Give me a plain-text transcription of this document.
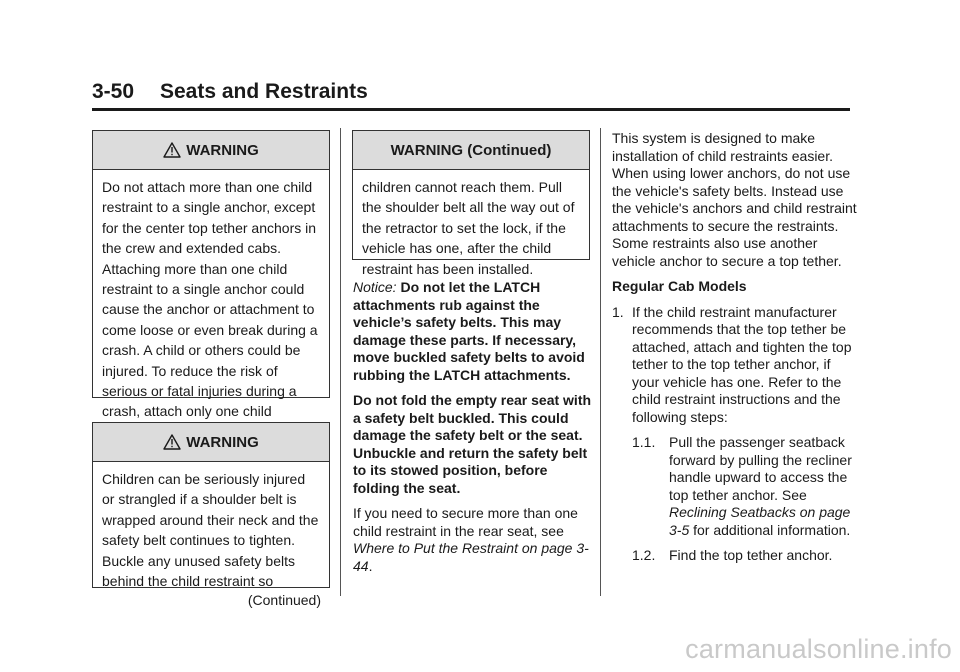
3-50 Seats and Restraints
WARNING
Do not attach more than one child restraint to a single anchor, except for the center top tether anchors in the crew and extended cabs. Attaching more than one child restraint to a single anchor could cause the anchor or attachment to come loose or even break during a crash. A child or others could be injured. To reduce the risk of serious or fatal injuries during a crash, attach only one child
WARNING
Children can be seriously injured or strangled if a shoulder belt is wrapped around their neck and the safety belt continues to tighten. Buckle any unused safety belts behind the child restraint so
(Continued)
WARNING (Continued)
children cannot reach them. Pull the shoulder belt all the way out of the retractor to set the lock, if the vehicle has one, after the child restraint has been installed.

Notice: Do not let the LATCH attachments rub against the vehicle’s safety belts. This may damage these parts. If necessary, move buckled safety belts to avoid rubbing the LATCH attachments.

Do not fold the empty rear seat with a safety belt buckled. This could damage the safety belt or the seat. Unbuckle and return the safety belt to its stowed position, before folding the seat.

If you need to secure more than one child restraint in the rear seat, see Where to Put the Restraint on page 3-44.

This system is designed to make installation of child restraints easier. When using lower anchors, do not use the vehicle's safety belts. Instead use the vehicle's anchors and child restraint attachments to secure the restraints. Some restraints also use another vehicle anchor to secure a top tether.

Regular Cab Models

1. If the child restraint manufacturer recommends that the top tether be attached, attach and tighten the top tether to the top tether anchor, if your vehicle has one. Refer to the child restraint instructions and the following steps:
1.1. Pull the passenger seatback forward by pulling the recliner handle upward to access the top tether anchor. See Reclining Seatbacks on page 3-5 for additional information.
1.2. Find the top tether anchor.
carmanualsonline.info
